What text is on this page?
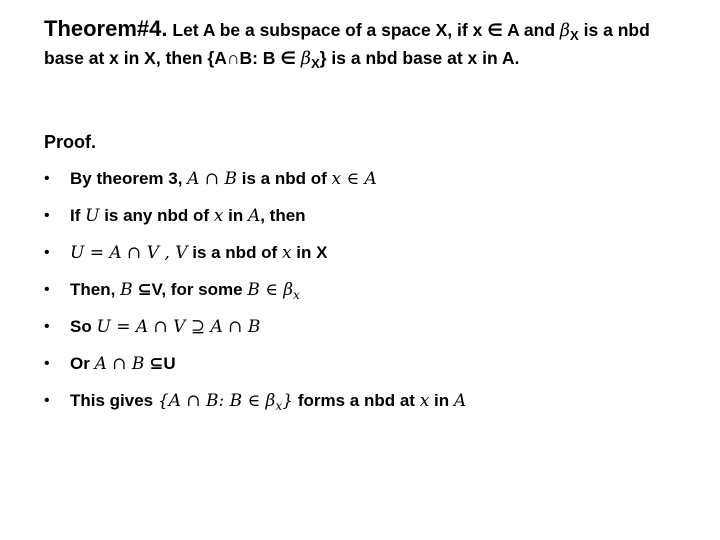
Theorem#4. Let A be a subspace of a space X, if x ∈ A and $\beta_X$ is a nbd base at x in X, then {A∩B: B ∈ $\beta_X$} is a nbd base at x in A.
Proof.
• By theorem 3, A ∩ B is a nbd of x ∈ A
• If U is any nbd of x in A, then
• U = A ∩ V , V is a nbd of x in X
• Then, B ⊆V, for some B ∈ $\beta_x$
• So U = A ∩ V ⊇ A ∩ B
• Or A ∩ B ⊆U
• This gives {A ∩ B: B ∈ $\beta_x$} forms a nbd at x in A
